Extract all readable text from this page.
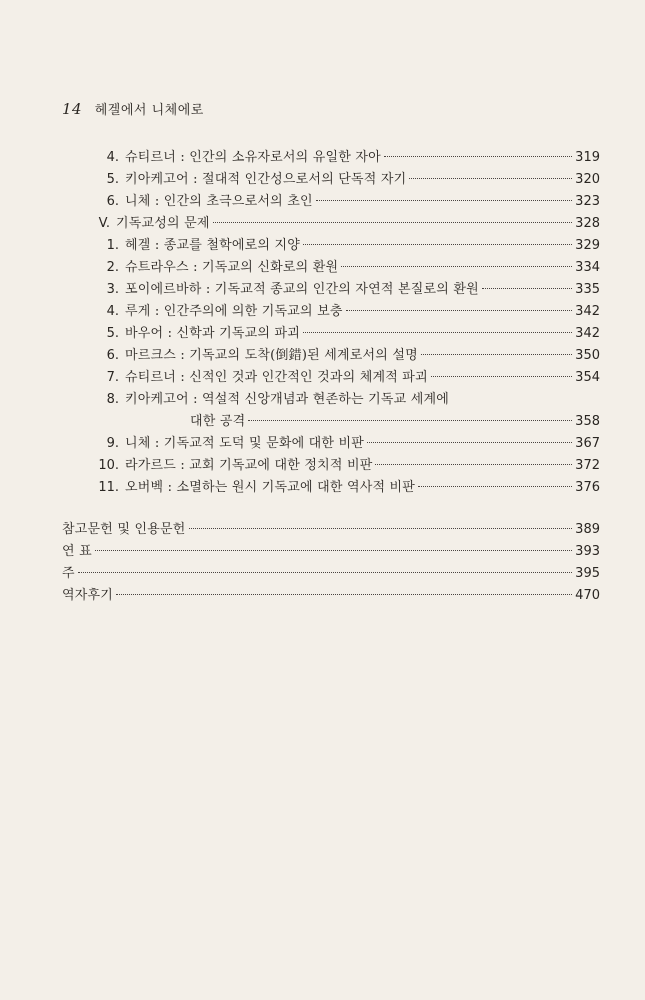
14 헤겔에서 니체에로
4. 슈티르너 : 인간의 소유자로서의 유일한 자아	319
5. 키아케고어 : 절대적 인간성으로서의 단독적 자기	320
6. 니체 : 인간의 초극으로서의 초인	323
V. 기독교성의 문제	328
1. 헤겔 : 종교를 철학에로의 지양	329
2. 슈트라우스 : 기독교의 신화로의 환원	334
3. 포이에르바하 : 기독교적 종교의 인간의 자연적 본질로의 환원	335
4. 루게 : 인간주의에 의한 기독교의 보충	342
5. 바우어 : 신학과 기독교의 파괴	342
6. 마르크스 : 기독교의 도착(倒錯)된 세계로서의 설명	350
7. 슈티르너 : 신적인 것과 인간적인 것과의 체계적 파괴	354
8. 키아케고어 : 역설적 신앙개념과 현존하는 기독교 세계에
대한 공격	358
9. 니체 : 기독교적 도덕 및 문화에 대한 비판	367
10. 라가르드 : 교회 기독교에 대한 정치적 비판	372
11. 오버벡 : 소멸하는 원시 기독교에 대한 역사적 비판	376
참고문헌 및 인용문헌	389
연 표	393
주	395
역자후기	470
